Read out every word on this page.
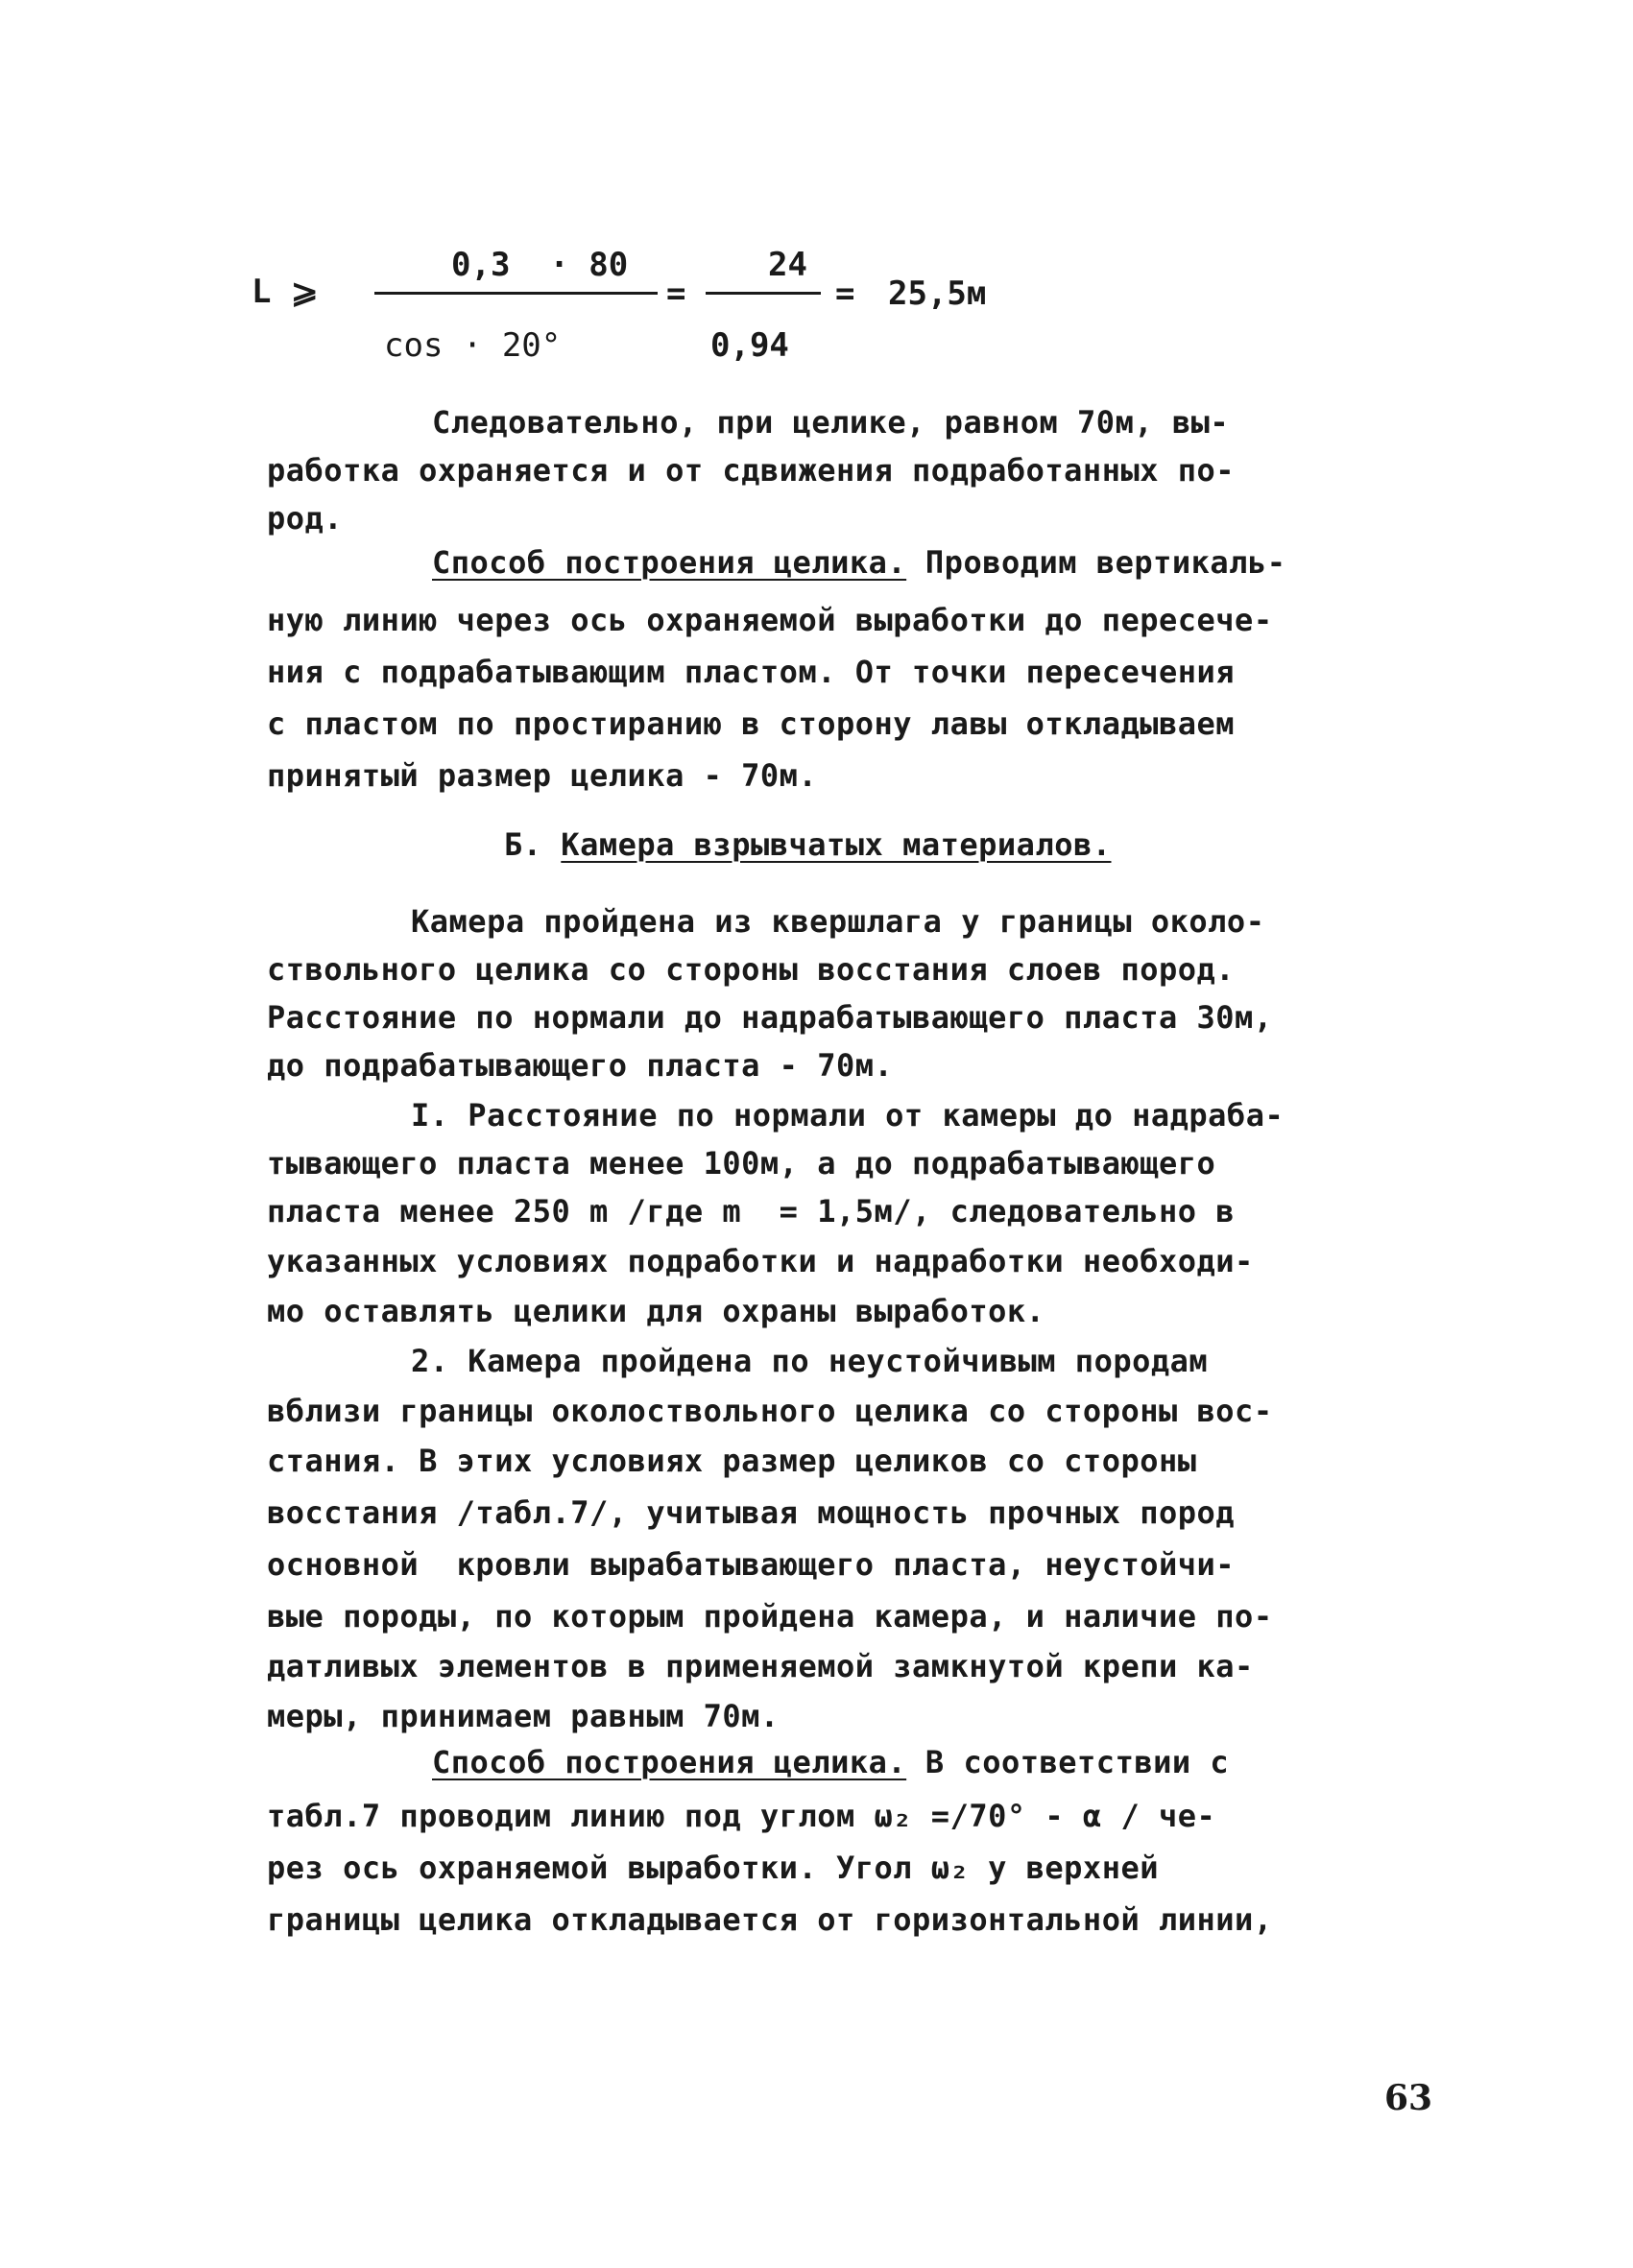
L ⩾
0,3  · 80
cos · 20°
=
24
0,94
= 25,5м
Следовательно, при целике, равном 70м, вы-
работка охраняется и от сдвижения подработанных по-
род.
Способ построения целика. Проводим вертикаль-
ную линию через ось охраняемой выработки до пересече-
ния с подрабатывающим пластом. От точки пересечения
с пластом по простиранию в сторону лавы откладываем
принятый размер целика - 70м.
Б. Камера взрывчатых материалов.
Камера пройдена из квершлага у границы около-
ствольного целика со стороны восстания слоев пород.
Расстояние по нормали до надрабатывающего пласта 30м,
до подрабатывающего пласта - 70м.
I. Расстояние по нормали от камеры до надраба-
тывающего пласта менее 100м, а до подрабатывающего
пласта менее 250 m /где m  = 1,5м/, следовательно в
указанных условиях подработки и надработки необходи-
мо оставлять целики для охраны выработок.
2. Камера пройдена по неустойчивым породам
вблизи границы околоствольного целика со стороны вос-
стания. В этих условиях размер целиков со стороны
восстания /табл.7/, учитывая мощность прочных пород
основной  кровли вырабатывающего пласта, неустойчи-
вые породы, по которым пройдена камера, и наличие по-
датливых элементов в применяемой замкнутой крепи ка-
меры, принимаем равным 70м.
Способ построения целика. В соответствии с
табл.7 проводим линию под углом ω₂ =/70° - α / че-
рез ось охраняемой выработки. Угол ω₂ у верхней
границы целика откладывается от горизонтальной линии,
63
